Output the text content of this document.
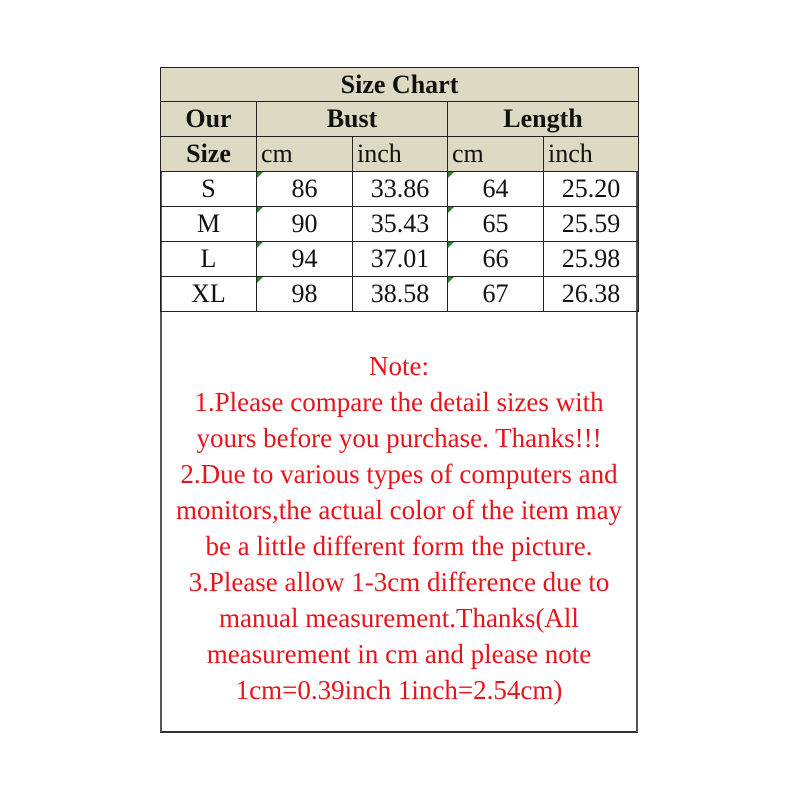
Size Chart				
Our	Bust		Length	
Size	cm	inch	cm	inch
S	86	33.86	64	25.20
M	90	35.43	65	25.59
L	94	37.01	66	25.98
XL	98	38.58	67	26.38
Note:
1.Please compare the detail sizes with
yours before you purchase. Thanks!!!
2.Due to various types of computers and
monitors,the actual color of the item may
be a little different form the picture.
3.Please allow 1-3cm difference due to
manual measurement.Thanks(All
measurement in cm and please note
1cm=0.39inch 1inch=2.54cm)
